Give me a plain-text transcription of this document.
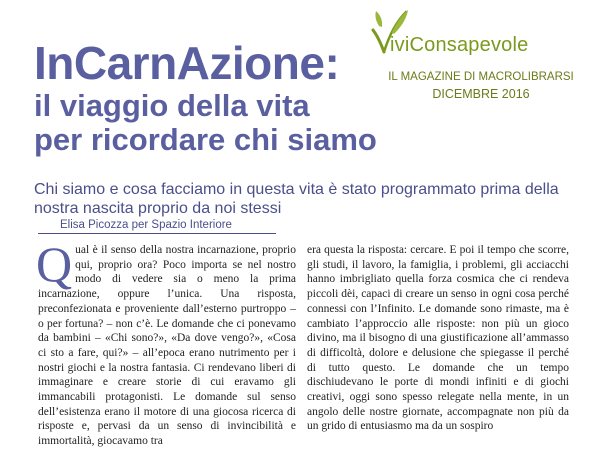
iviConsapevole
IL MAGAZINE DI MACROLIBRARSI
DICEMBRE 2016
InCarnAzione:
il viaggio della vita
per ricordare chi siamo

Chi siamo e cosa facciamo in questa vita è stato programmato prima della nostra nascita proprio da noi stessi

Elisa Picozza per Spazio Interiore

Qual è il senso della nostra incarnazione, proprio qui, proprio ora? Poco importa se nel nostro modo di vedere sia o meno la prima incarnazione, oppure l’unica. Una risposta, preconfezionata e proveniente dall’esterno purtroppo – o per fortuna? – non c’è. Le domande che ci ponevamo da bambini – «Chi sono?», «Da dove vengo?», «Cosa ci sto a fare, qui?» – all’epoca erano nutrimento per i nostri giochi e la nostra fantasia. Ci rendevano liberi di immaginare e creare storie di cui eravamo gli immancabili protagonisti. Le domande sul senso dell’esistenza erano il motore di una giocosa ricerca di risposte e, pervasi da un senso di invincibilità e immortalità, giocavamo tra

era questa la risposta: cercare. E poi il tempo che scorre, gli studi, il lavoro, la famiglia, i problemi, gli acciacchi hanno imbrigliato quella forza cosmica che ci rendeva piccoli dèi, capaci di creare un senso in ogni cosa perché connessi con l’Infinito. Le domande sono rimaste, ma è cambiato l’approccio alle risposte: non più un gioco divino, ma il bisogno di una giustificazione all’ammasso di difficoltà, dolore e delusione che spiegasse il perché di tutto questo. Le domande che un tempo dischiudevano le porte di mondi infiniti e di giochi creativi, oggi sono spesso relegate nella mente, in un angolo delle nostre giornate, accompagnate non più da un grido di entusiasmo ma da un sospiro
